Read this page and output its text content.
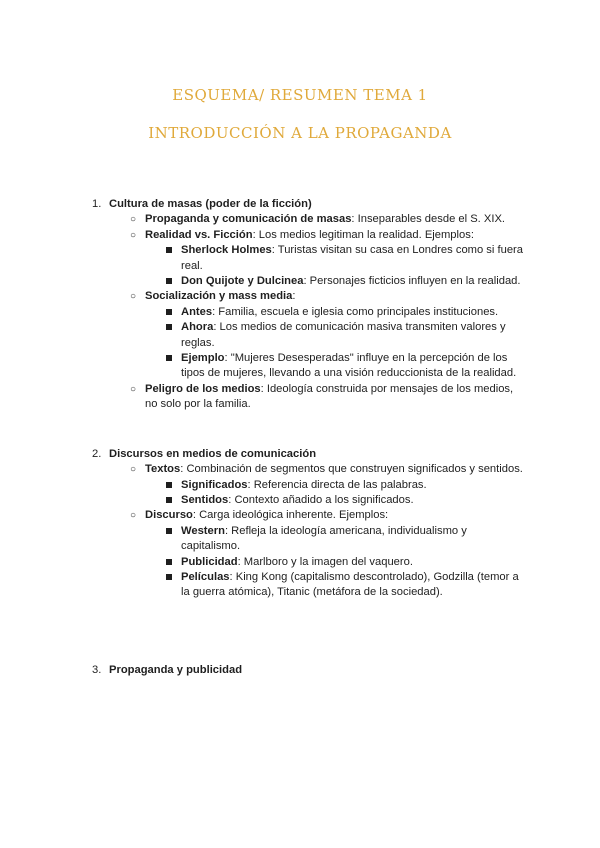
ESQUEMA/ RESUMEN TEMA 1
INTRODUCCIÓN A LA PROPAGANDA
1. Cultura de masas (poder de la ficción)
○ Propaganda y comunicación de masas: Inseparables desde el S. XIX.
○ Realidad vs. Ficción: Los medios legitiman la realidad. Ejemplos:
Sherlock Holmes: Turistas visitan su casa en Londres como si fuera real.
Don Quijote y Dulcinea: Personajes ficticios influyen en la realidad.
○ Socialización y mass media:
Antes: Familia, escuela e iglesia como principales instituciones.
Ahora: Los medios de comunicación masiva transmiten valores y reglas.
Ejemplo: "Mujeres Desesperadas" influye en la percepción de los tipos de mujeres, llevando a una visión reduccionista de la realidad.
○ Peligro de los medios: Ideología construida por mensajes de los medios, no solo por la familia.
2. Discursos en medios de comunicación
○ Textos: Combinación de segmentos que construyen significados y sentidos.
Significados: Referencia directa de las palabras.
Sentidos: Contexto añadido a los significados.
○ Discurso: Carga ideológica inherente. Ejemplos:
Western: Refleja la ideología americana, individualismo y capitalismo.
Publicidad: Marlboro y la imagen del vaquero.
Películas: King Kong (capitalismo descontrolado), Godzilla (temor a la guerra atómica), Titanic (metáfora de la sociedad).
3. Propaganda y publicidad
